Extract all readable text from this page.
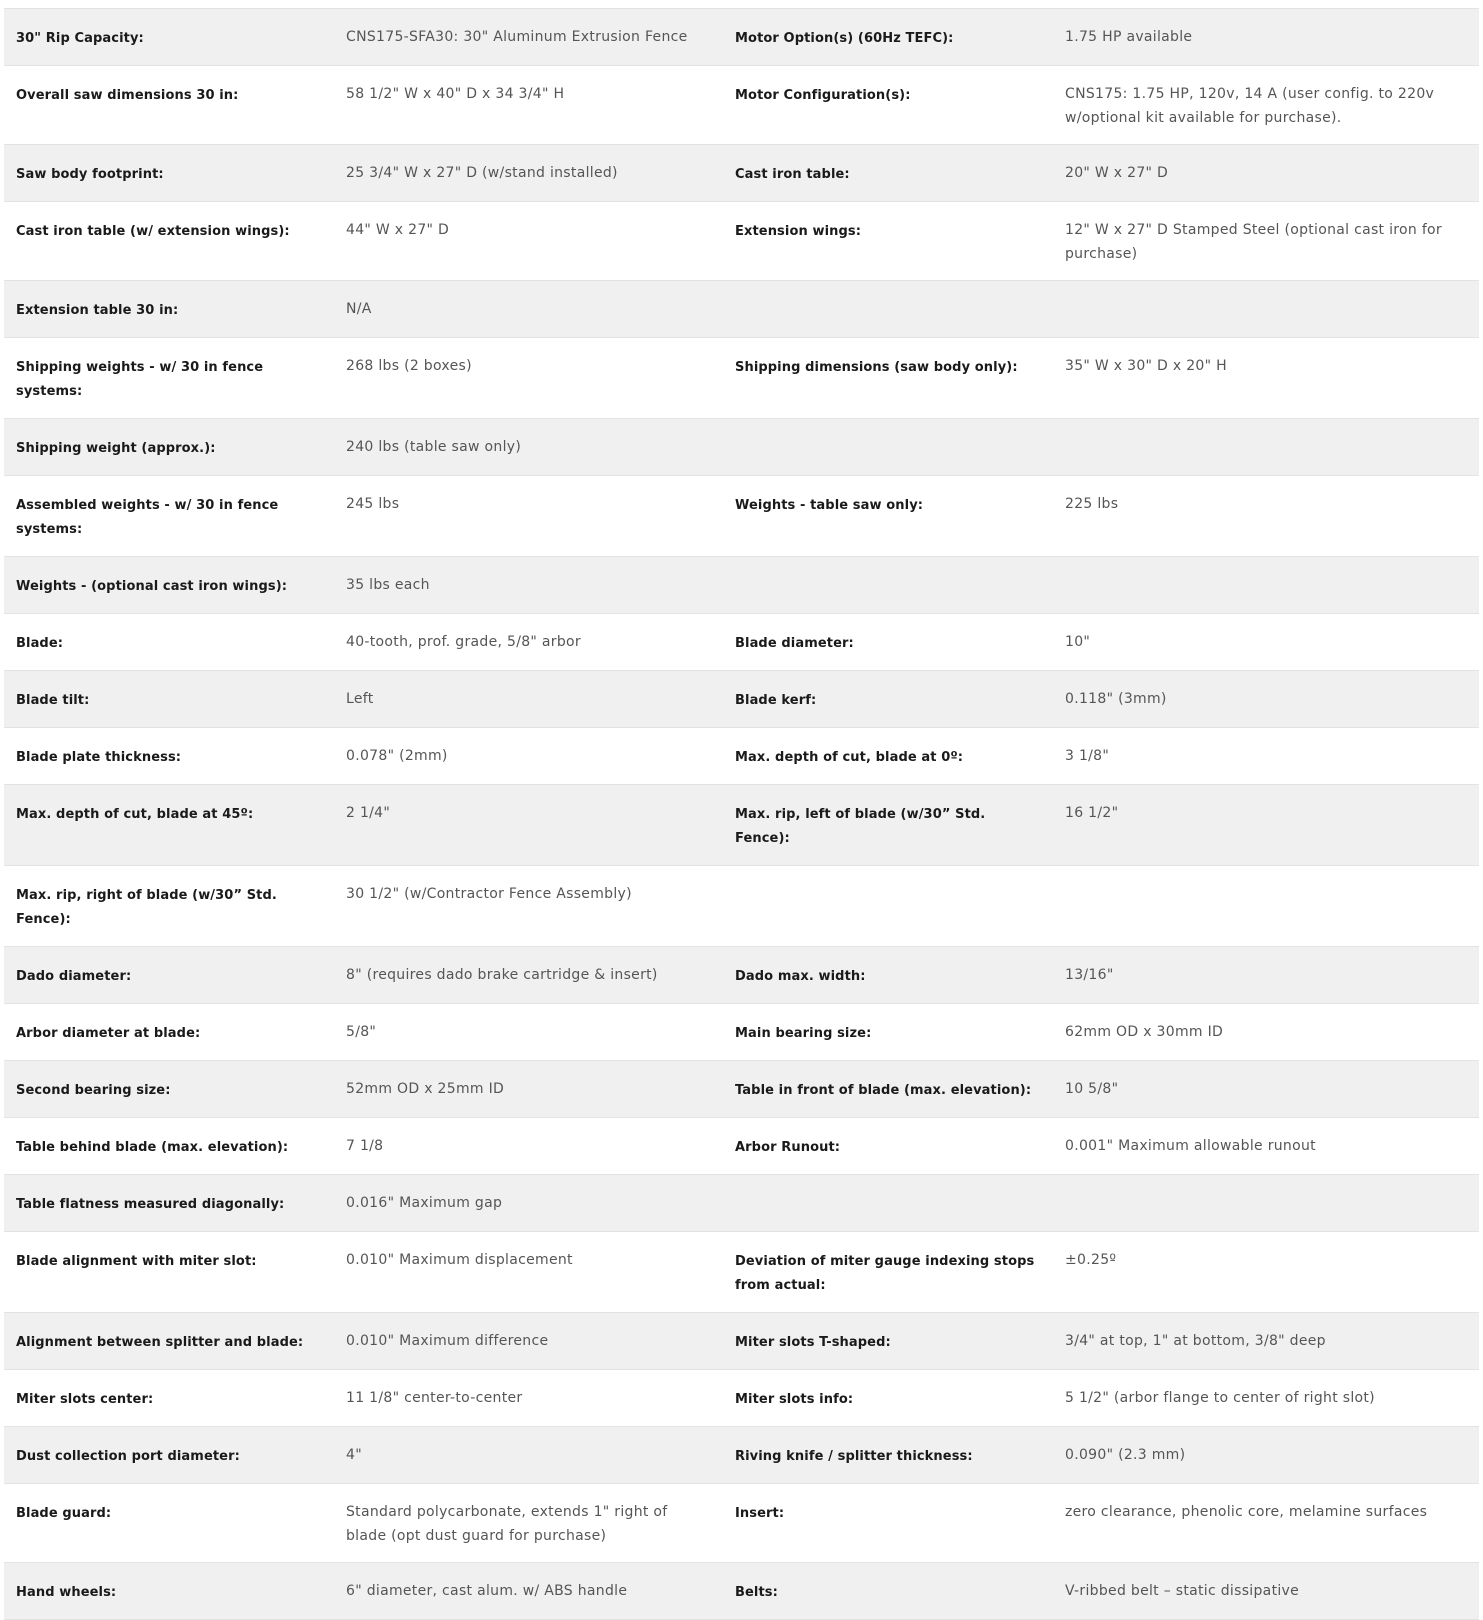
30" Rip Capacity:	CNS175-SFA30: 30" Aluminum Extrusion Fence	Motor Option(s) (60Hz TEFC):	1.75 HP available
Overall saw dimensions 30 in:	58 1/2" W x 40" D x 34 3/4" H	Motor Configuration(s):	CNS175: 1.75 HP, 120v, 14 A (user config. to 220v w/optional kit available for purchase).
Saw body footprint:	25 3/4" W x 27" D (w/stand installed)	Cast iron table:	20" W x 27" D
Cast iron table (w/ extension wings):	44" W x 27" D	Extension wings:	12" W x 27" D Stamped Steel (optional cast iron for purchase)
Extension table 30 in:	N/A		
Shipping weights - w/ 30 in fence systems:	268 lbs (2 boxes)	Shipping dimensions (saw body only):	35" W x 30" D x 20" H
Shipping weight (approx.):	240 lbs (table saw only)		
Assembled weights - w/ 30 in fence systems:	245 lbs	Weights - table saw only:	225 lbs
Weights - (optional cast iron wings):	35 lbs each		
Blade:	40-tooth, prof. grade, 5/8" arbor	Blade diameter:	10"
Blade tilt:	Left	Blade kerf:	0.118" (3mm)
Blade plate thickness:	0.078" (2mm)	Max. depth of cut, blade at 0º:	3 1/8"
Max. depth of cut, blade at 45º:	2 1/4"	Max. rip, left of blade (w/30” Std. Fence):	16 1/2"
Max. rip, right of blade (w/30” Std. Fence):	30 1/2" (w/Contractor Fence Assembly)		
Dado diameter:	8" (requires dado brake cartridge & insert)	Dado max. width:	13/16"
Arbor diameter at blade:	5/8"	Main bearing size:	62mm OD x 30mm ID
Second bearing size:	52mm OD x 25mm ID	Table in front of blade (max. elevation):	10 5/8"
Table behind blade (max. elevation):	7 1/8	Arbor Runout:	0.001" Maximum allowable runout
Table flatness measured diagonally:	0.016" Maximum gap		
Blade alignment with miter slot:	0.010" Maximum displacement	Deviation of miter gauge indexing stops from actual:	±0.25º
Alignment between splitter and blade:	0.010" Maximum difference	Miter slots T-shaped:	3/4" at top, 1" at bottom, 3/8" deep
Miter slots center:	11 1/8" center-to-center	Miter slots info:	5 1/2" (arbor flange to center of right slot)
Dust collection port diameter:	4"	Riving knife / splitter thickness:	0.090" (2.3 mm)
Blade guard:	Standard polycarbonate, extends 1" right of blade (opt dust guard for purchase)	Insert:	zero clearance, phenolic core, melamine surfaces
Hand wheels:	6" diameter, cast alum. w/ ABS handle	Belts:	V-ribbed belt – static dissipative
